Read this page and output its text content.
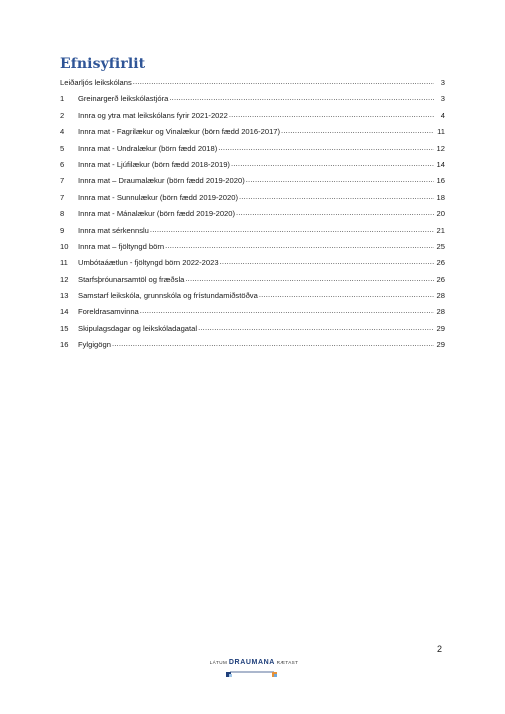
Efnisyfirlit
Leiðarljós leikskólans .....	3
1	Greinargerð leikskólastjóra .....	3
2	Innra og ytra mat leikskólans fyrir 2021-2022 .....	4
4	Innra mat - Fagrilækur og Vinalækur (börn fædd 2016-2017) .....	11
5	Innra mat - Undralækur (börn fædd 2018) .....	12
6	Innra mat - Ljúfilækur (börn fædd 2018-2019) .....	14
7	Innra mat – Draumalækur (börn fædd 2019-2020) .....	16
7	Innra mat - Sunnulækur (börn fædd 2019-2020) .....	18
8	Innra mat - Mánalækur (börn fædd 2019-2020) .....	20
9	Innra mat sérkennslu .....	21
10	Innra mat – fjöltyngd börn .....	25
11	Umbótaáætlun - fjöltyngd börn 2022-2023 .....	26
12	Starfsþróunarsamtöl og fræðsla .....	26
13	Samstarf leikskóla, grunnskóla og frístundamiðstöðva .....	28
14	Foreldrasamvinna .....	28
15	Skipulagsdagar og leikskóladagatal .....	29
16	Fylgigögn .....	29
2
LÁTUM DRAUMANA RÆTAST
